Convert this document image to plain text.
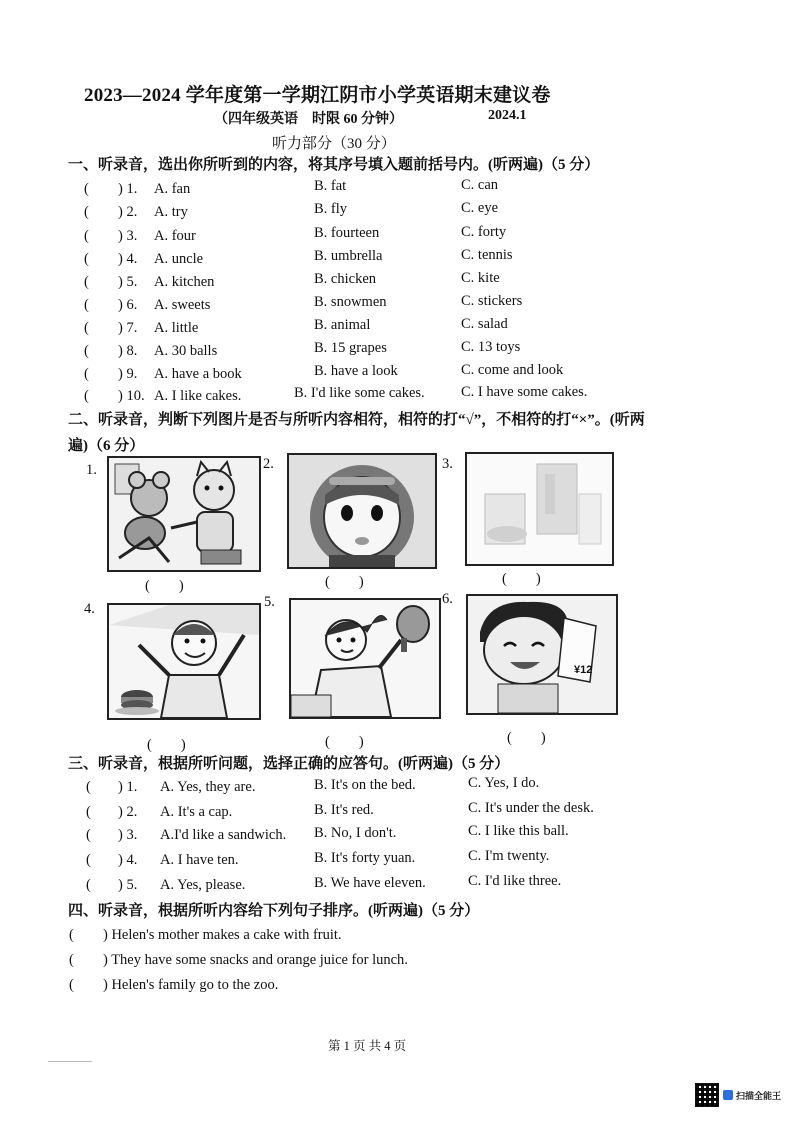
2023—2024 学年度第一学期江阴市小学英语期末建议卷
（四年级英语　时限 60 分钟）	2024.1
听力部分（30 分）
一、听录音，选出你所听到的内容，将其序号填入题前括号内。(听两遍)（5 分）
( ) 1. A. fan	B. fat	C. can
( ) 2. A. try	B. fly	C. eye
( ) 3. A. four	B. fourteen	C. forty
( ) 4. A. uncle	B. umbrella	C. tennis
( ) 5. A. kitchen	B. chicken	C. kite
( ) 6. A. sweets	B. snowmen	C. stickers
( ) 7. A. little	B. animal	C. salad
( ) 8. A. 30 balls	B. 15 grapes	C. 13 toys
( ) 9. A. have a book	B. have a look	C. come and look
( ) 10. A. I like cakes.	B. I'd like some cakes.	C. I have some cakes.
二、听录音，判断下列图片是否与所听内容相符，相符的打“√”，不相符的打“×”。(听两
遍)（6 分）
1.	2.	3.
4.	5.	6.
(　　)	(　　)	(　　)
¥12
(　　)	(　　)	(　　)
三、听录音，根据所听问题，选择正确的应答句。(听两遍)（5 分）
( ) 1. A. Yes, they are.	B. It's on the bed.	C. Yes, I do.
( ) 2. A. It's a cap.	B. It's red.	C. It's under the desk.
( ) 3. A.I'd like a sandwich. B. No, I don't.	C. I like this ball.
( ) 4. A. I have ten.	B. It's forty yuan.	C. I'm twenty.
( ) 5. A. Yes, please.	B. We have eleven.	C. I'd like three.
四、听录音，根据所听内容给下列句子排序。(听两遍)（5 分）
( ) Helen's mother makes a cake with fruit.
( ) They have some snacks and orange juice for lunch.
( ) Helen's family go to the zoo.
第 1 页 共 4 页
扫描全能王
